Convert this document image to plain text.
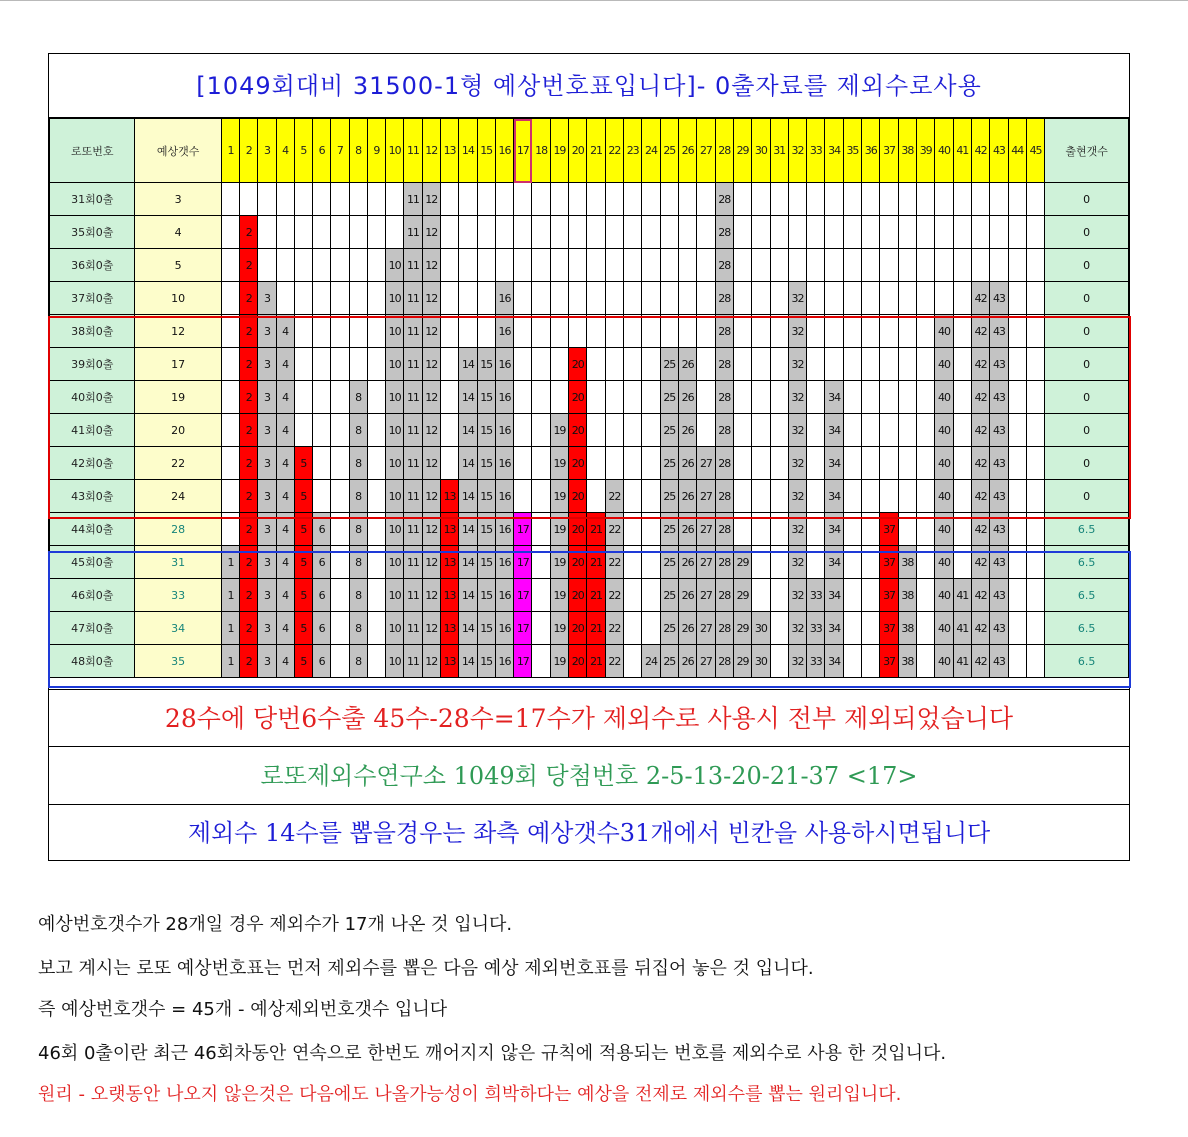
[1049회대비 31500-1형 예상번호표입니다]- 0출자료를 제외수로사용
로또번호	예상갯수	1	2	3	4	5	6	7	8	9	10	11	12	13	14	15	16	17	18	19	20	21	22	23	24	25	26	27	28	29	30	31	32	33	34	35	36	37	38	39	40	41	42	43	44	45	출현갯수
31회0출	3											11	12																28																		0
35회0출	4		2									11	12																28																		0
36회0출	5		2								10	11	12																28																		0
37회0출	10		2	3							10	11	12				16												28				32										42	43			0
38회0출	12		2	3	4						10	11	12				16												28				32								40		42	43			0
39회0출	17		2	3	4						10	11	12		14	15	16				20					25	26		28				32								40		42	43			0
40회0출	19		2	3	4				8		10	11	12		14	15	16				20					25	26		28				32		34						40		42	43			0
41회0출	20		2	3	4				8		10	11	12		14	15	16			19	20					25	26		28				32		34						40		42	43			0
42회0출	22		2	3	4	5			8		10	11	12		14	15	16			19	20					25	26	27	28				32		34						40		42	43			0
43회0출	24		2	3	4	5			8		10	11	12	13	14	15	16			19	20		22			25	26	27	28				32		34						40		42	43			0
44회0출	28		2	3	4	5	6		8		10	11	12	13	14	15	16	17		19	20	21	22			25	26	27	28				32		34			37			40		42	43			6.5
45회0출	31	1	2	3	4	5	6		8		10	11	12	13	14	15	16	17		19	20	21	22			25	26	27	28	29			32		34			37	38		40		42	43			6.5
46회0출	33	1	2	3	4	5	6		8		10	11	12	13	14	15	16	17		19	20	21	22			25	26	27	28	29			32	33	34			37	38		40	41	42	43			6.5
47회0출	34	1	2	3	4	5	6		8		10	11	12	13	14	15	16	17		19	20	21	22			25	26	27	28	29	30		32	33	34			37	38		40	41	42	43			6.5
48회0출	35	1	2	3	4	5	6		8		10	11	12	13	14	15	16	17		19	20	21	22		24	25	26	27	28	29	30		32	33	34			37	38		40	41	42	43			6.5
28수에 당번6수출 45수-28수=17수가 제외수로 사용시 전부 제외되었습니다
로또제외수연구소 1049회 당첨번호 2-5-13-20-21-37 <17>
제외수 14수를 뽑을경우는 좌측 예상갯수31개에서 빈칸을 사용하시면됩니다
예상번호갯수가 28개일 경우 제외수가 17개 나온 것 입니다.
보고 계시는 로또 예상번호표는 먼저 제외수를 뽑은 다음 예상 제외번호표를 뒤집어 놓은 것 입니다.
즉 예상번호갯수 = 45개 - 예상제외번호갯수 입니다
46회 0출이란 최근 46회차동안 연속으로 한번도 깨어지지 않은 규칙에 적용되는 번호를 제외수로 사용 한 것입니다.
원리 - 오랫동안 나오지 않은것은 다음에도 나올가능성이 희박하다는 예상을 전제로 제외수를 뽑는 원리입니다.
